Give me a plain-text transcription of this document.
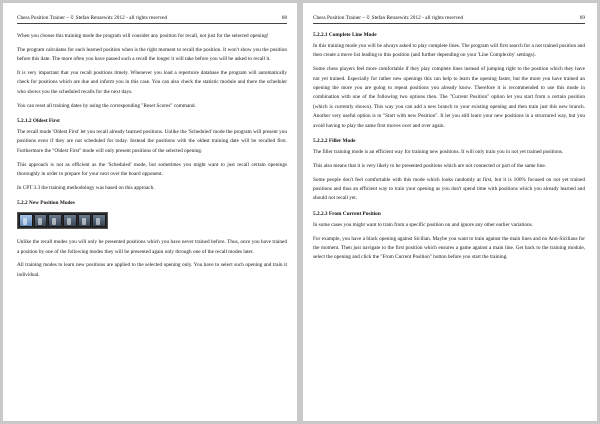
Chess Position Trainer – © Stefan Renzewitz 2012 - all rights reserved	68

When you choose this training mode the program will consider any position for recall, not just for the selected opening!

The program calculates for each learned position when is the right moment to recall the position. It won't show you the position before this date. The more often you have passed such a recall the longer it will take before you will be asked to recall it.

It is very important that you recall positions timely. Whenever you load a repertoire database the program will automatically check for positions which are due and inform you in this case. You can also check the statistic module and there the scheduler who shows you the scheduled recalls for the next days.

You can reset all training dates by using the corresponding "Reset Scores" command.

5.2.1.2 Oldest First

The recall mode 'Oldest First' let you recall already learned positions. Unlike the 'Scheduled' mode the program will present you positions even if they are not scheduled for today. Instead the positions with the oldest training date will be recalled first. Furthermore the "Oldest First" mode will only present positions of the selected opening.

This approach is not as efficient as the 'Scheduled' mode, but sometimes you might want to just recall certain openings thoroughly in order to prepare for your next over the board opponent.

In CPT 3.3 the training methodology was based on this approach.

5.2.2 New Position Modes

Unlike the recall modes you will only be presented positions which you have never trained before. Thus, once you have trained a position by one of the following modes they will be presented again only through one of the recall modes later.

All training modes to learn new positions are applied to the selected opening only. You have to select such opening and train it individual.

Chess Position Trainer – © Stefan Renzewitz 2012 - all rights reserved	69
5.2.2.1 Complete Line Mode

In this training mode you will be always asked to play complete lines. The program will first search for a not trained position and then create a move list leading to this position (and further depending on your 'Line Complexity' settings).

Some chess players feel more comfortable if they play complete lines instead of jumping right to the position which they have not yet trained. Especially for rather new openings this can help to learn the opening faster, but the more you have trained an opening the more you are going to repeat positions you already know. Therefore it is recommended to use this mode in combination with one of the following two options then. The "Current Position" option let you start from a certain position (which is currently shown). This way you can add a new branch to your existing opening and then train just this new branch. Another very useful option is to "Start with new Position". It let you still learn your new positions in a structured way, but you avoid having to play the same first moves over and over again.

5.2.2.2 Filler Mode

The filler training mode is an efficient way for training new positions. It will only train you in not yet trained positions.

This also means that it is very likely to be presented positions which are not connected or part of the same line.

Some people don't feel comfortable with this mode which looks randomly at first, but it is 100% focused on not yet trained positions and thus an efficient way to train your opening as you don't spend time with positions which you already learned and should not recall yet.

5.2.2.3 From Current Position

In some cases you might want to train from a specific position on and ignore any other earlier variations.

For example, you have a black opening against Sicilian. Maybe you want to train against the main lines and no Anti-Sicilians for the moment. Then just navigate to the first position which ensures a game against a main line. Get back to the training module, select the opening and click the "From Current Position" button before you start the training.
